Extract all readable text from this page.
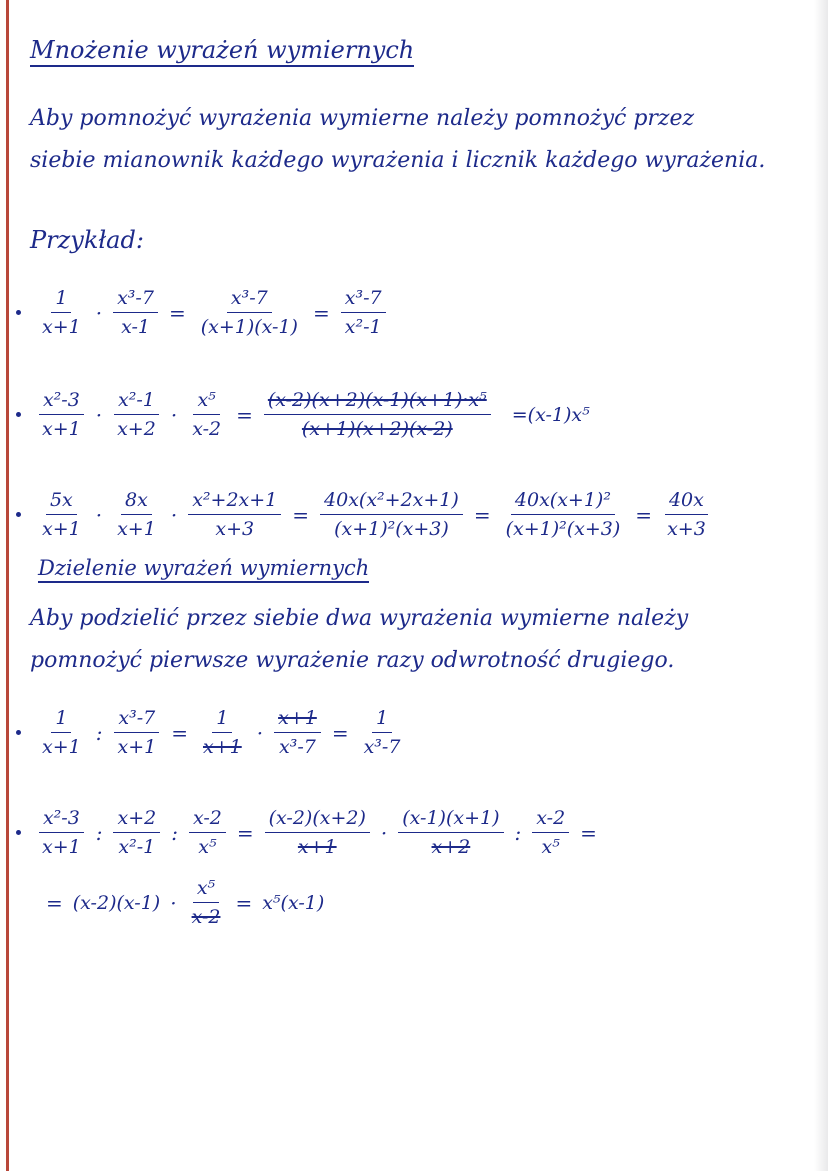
Mnożenie wyrażeń wymiernych
Aby pomnożyć wyrażenia wymierne należy pomnożyć przez
siebie mianownik każdego wyrażenia i licznik każdego wyrażenia.
Przykład:
$\frac{1}{x+1} \cdot \frac{\text{x³-7}}{x-1} = \frac{\text{x³-7}}{(x+1)(x-1)} = \frac{\text{x³-7}}{\text{x²-1}}$
$\frac{\text{x²-3}}{x+1} \cdot \frac{\text{x²-1}}{x+2} \cdot \frac{\text{x⁵}}{x-2} = \frac{\text{(x-2)(x+2)(x-1)(x+1)·x⁵}}{(x+1)(x+2)(x-2)} =(x-1)x^5$
$\frac{5x}{x+1} \cdot \frac{8x}{x+1} \cdot \frac{\text{x²+2x+1}}{x+3} = \frac{\text{40x(x²+2x+1)}}{\text{(x+1)²(x+3)}} = \frac{\text{40x(x+1)²}}{\text{(x+1)²(x+3)}} = \frac{40x}{x+3}$
Dzielenie wyrażeń wymiernych
Aby podzielić przez siebie dwa wyrażenia wymierne należy
pomnożyć pierwsze wyrażenie razy odwrotność drugiego.
$\frac{1}{x+1}$ : $\frac{\text{x³-7}}{x+1} = \frac{1}{x+1} \cdot \frac{x+1}{\text{x³-7}} = \frac{1}{\text{x³-7}}$
$\frac{\text{x²-3}}{x+1}$ : $\frac{x+2}{\text{x²-1}}$ : $\frac{x-2}{\text{x⁵}} = \frac{(x-2)(x+2)}{x+1} \cdot \frac{(x-1)(x+1)}{x+2}$ : $\frac{x-2}{\text{x⁵}}$ =
= $(x-2)(x-1) \cdot \frac{\text{x⁵}}{x-2} = x^5(x-1)$
